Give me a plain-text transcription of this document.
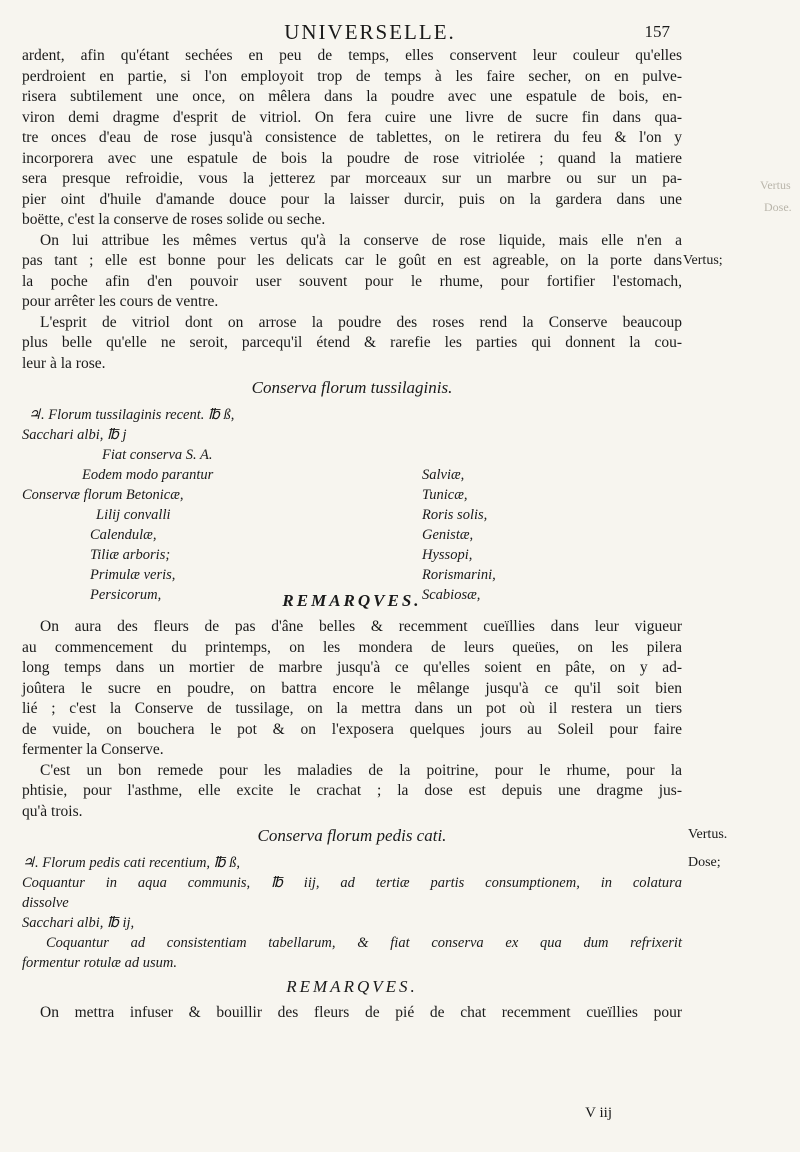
UNIVERSELLE.	157

ardent, afin qu'étant sechées en peu de temps, elles conservent leur couleur qu'elles
perdroient en partie, si l'on employoit trop de temps à les faire secher, on en pulve-
risera subtilement une once, on mêlera dans la poudre avec une espatule de bois, en-
viron demi dragme d'esprit de vitriol. On fera cuire une livre de sucre fin dans qua-
tre onces d'eau de rose jusqu'à consistence de tablettes, on le retirera du feu & l'on y
incorporera avec une espatule de bois la poudre de rose vitriolée ; quand la matiere
sera presque refroidie, vous la jetterez par morceaux sur un marbre ou sur un pa-
pier oint d'huile d'amande douce pour la laisser durcir, puis on la gardera dans une
boëtte, c'est la conserve de roses solide ou seche.

On lui attribue les mêmes vertus qu'à la conserve de rose liquide, mais elle n'en a
pas tant ; elle est bonne pour les delicats car le goût en est agreable, on la porte dans
la poche afin d'en pouvoir user souvent pour le rhume, pour fortifier l'estomach,
pour arrêter les cours de ventre.

L'esprit de vitriol dont on arrose la poudre des roses rend la Conserve beaucoup
plus belle qu'elle ne seroit, parcequ'il étend & rarefie les parties qui donnent la cou-
leur à la rose.

Conserva florum tussilaginis.
♃. Florum tussilaginis recent. ℔ ß,
Sacchari albi, ℔ j
Fiat conserva S. A.
Eodem modo parantur
Conservæ florum Betonicæ,
Lilij convalli
Calendulæ,
Tiliæ arboris;
Primulæ veris,
Persicorum,
Salviæ,
Tunicæ,
Roris solis,
Genistæ,
Hyssopi,
Rorismarini,
Scabiosæ,
REMARQVES.

On aura des fleurs de pas d'âne belles & recemment cueïllies dans leur vigueur
au commencement du printemps, on les mondera de leurs queües, on les pilera
long temps dans un mortier de marbre jusqu'à ce qu'elles soient en pâte, on y ad-
joûtera le sucre en poudre, on battra encore le mêlange jusqu'à ce qu'il soit bien
lié ; c'est la Conserve de tussilage, on la mettra dans un pot où il restera un tiers
de vuide, on bouchera le pot & on l'exposera quelques jours au Soleil pour faire
fermenter la Conserve.

C'est un bon remede pour les maladies de la poitrine, pour le rhume, pour la
phtisie, pour l'asthme, elle excite le crachat ; la dose est depuis une dragme jus-
qu'à trois.

Conserva florum pedis cati.
♃. Florum pedis cati recentium, ℔ ß,
Coquantur in aqua communis, ℔ iij, ad tertiæ partis consumptionem, in colatura
dissolve
Sacchari albi, ℔ ij,
Coquantur ad consistentiam tabellarum, & fiat conserva ex qua dum refrixerit
formentur rotulæ ad usum.
REMARQVES.

On mettra infuser & bouillir des fleurs de pié de chat recemment cueïllies pour

Vertus;
Vertus.
Dose;
Vertus
Dose.
V iij
